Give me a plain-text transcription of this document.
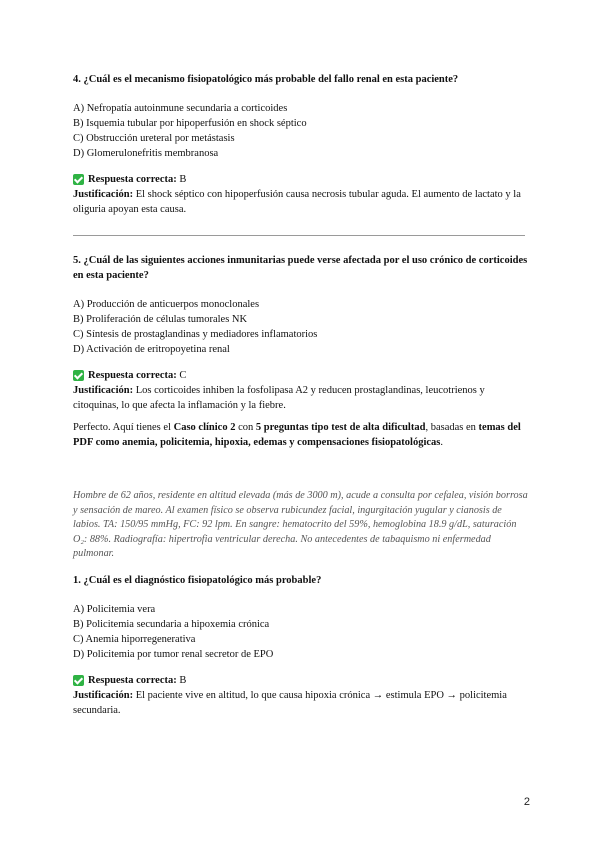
4. ¿Cuál es el mecanismo fisiopatológico más probable del fallo renal en esta paciente?
A) Nefropatía autoinmune secundaria a corticoides
B) Isquemia tubular por hipoperfusión en shock séptico
C) Obstrucción ureteral por metástasis
D) Glomerulonefritis membranosa
Respuesta correcta:
B
Justificación: El shock séptico con hipoperfusión causa necrosis tubular aguda. El aumento de lactato y la oliguria apoyan esta causa.
5. ¿Cuál de las siguientes acciones inmunitarias puede verse afectada por el uso crónico de corticoides en esta paciente?
A) Producción de anticuerpos monoclonales
B) Proliferación de células tumorales NK
C) Síntesis de prostaglandinas y mediadores inflamatorios
D) Activación de eritropoyetina renal
Respuesta correcta:
C
Justificación: Los corticoides inhiben la fosfolipasa A2 y reducen prostaglandinas, leucotrienos y citoquinas, lo que afecta la inflamación y la fiebre.
Perfecto. Aquí tienes el Caso clínico 2 con 5 preguntas tipo test de alta dificultad, basadas en temas del PDF como anemia, policitemia, hipoxia, edemas y compensaciones fisiopatológicas.
Hombre de 62 años, residente en altitud elevada (más de 3000 m), acude a consulta por cefalea, visión borrosa y sensación de mareo. Al examen físico se observa rubicundez facial, ingurgitación yugular y cianosis de labios. TA: 150/95 mmHg, FC: 92 lpm. En sangre: hematocrito del 59%, hemoglobina 18.9 g/dL, saturación O₂: 88%. Radiografía: hipertrofia ventricular derecha. No antecedentes de tabaquismo ni enfermedad pulmonar.
1. ¿Cuál es el diagnóstico fisiopatológico más probable?
A) Policitemia vera
B) Policitemia secundaria a hipoxemia crónica
C) Anemia hiporregenerativa
D) Policitemia por tumor renal secretor de EPO
Respuesta correcta:
B
Justificación: El paciente vive en altitud, lo que causa hipoxia crónica → estimula EPO → policitemia secundaria.
2
